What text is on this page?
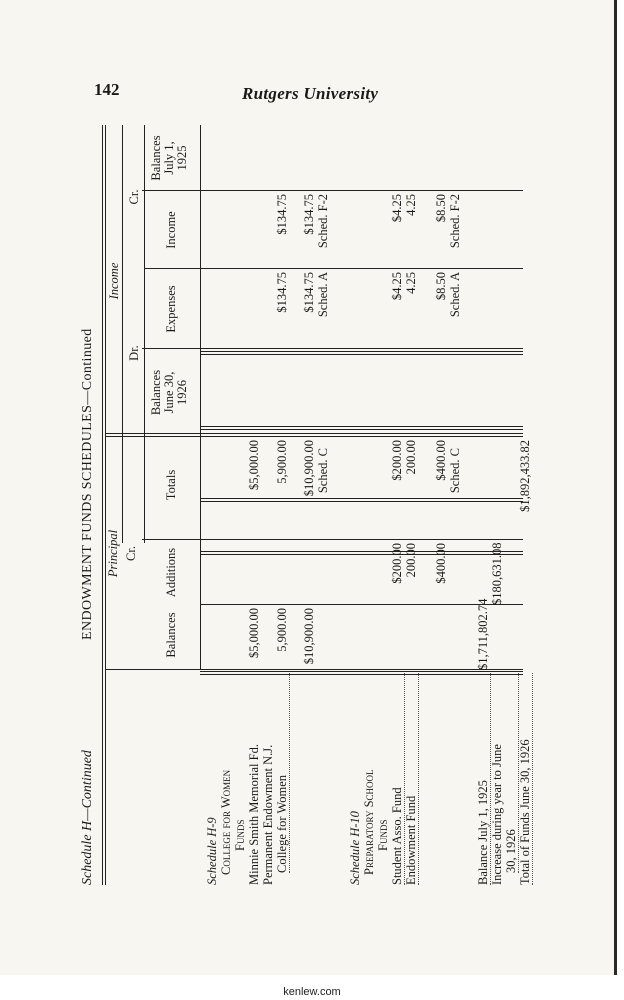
142	Rutgers University
Schedule H—Continued
ENDOWMENT FUNDS SCHEDULES—Continued Principal Cr.
Income
Dr.
Cr.
Balances
Additions
Totals
Balances June 30, 1926
Expenses
Income
Balances July 1, 1925
Schedule H-9 College for Women Funds Minnie Smith Memorial Fd.
$5,000.00
$5,000.00
Permanent Endowment N.J. College for Women
5,900.00
5,900.00
$134.75
$134.75
$10,900.00
$10,900.00 Sched. C
$134.75 Sched. A
$134.75 Sched. F-2
Schedule H-10 Preparatory School Funds Student Asso. Fund
$200.00
$200.00
$4.25
$4.25
Endowment Fund
200.00
200.00
4.25
4.25
$400.00
$400.00 Sched. C
$8.50 Sched. A
$8.50 Sched. F-2
Balance July 1, 1925
$1,711,802.74
Increase during year to June 30, 1926
$180,631.08
Total of Funds June 30, 1926
$1,892,433.82
kenlew.com
